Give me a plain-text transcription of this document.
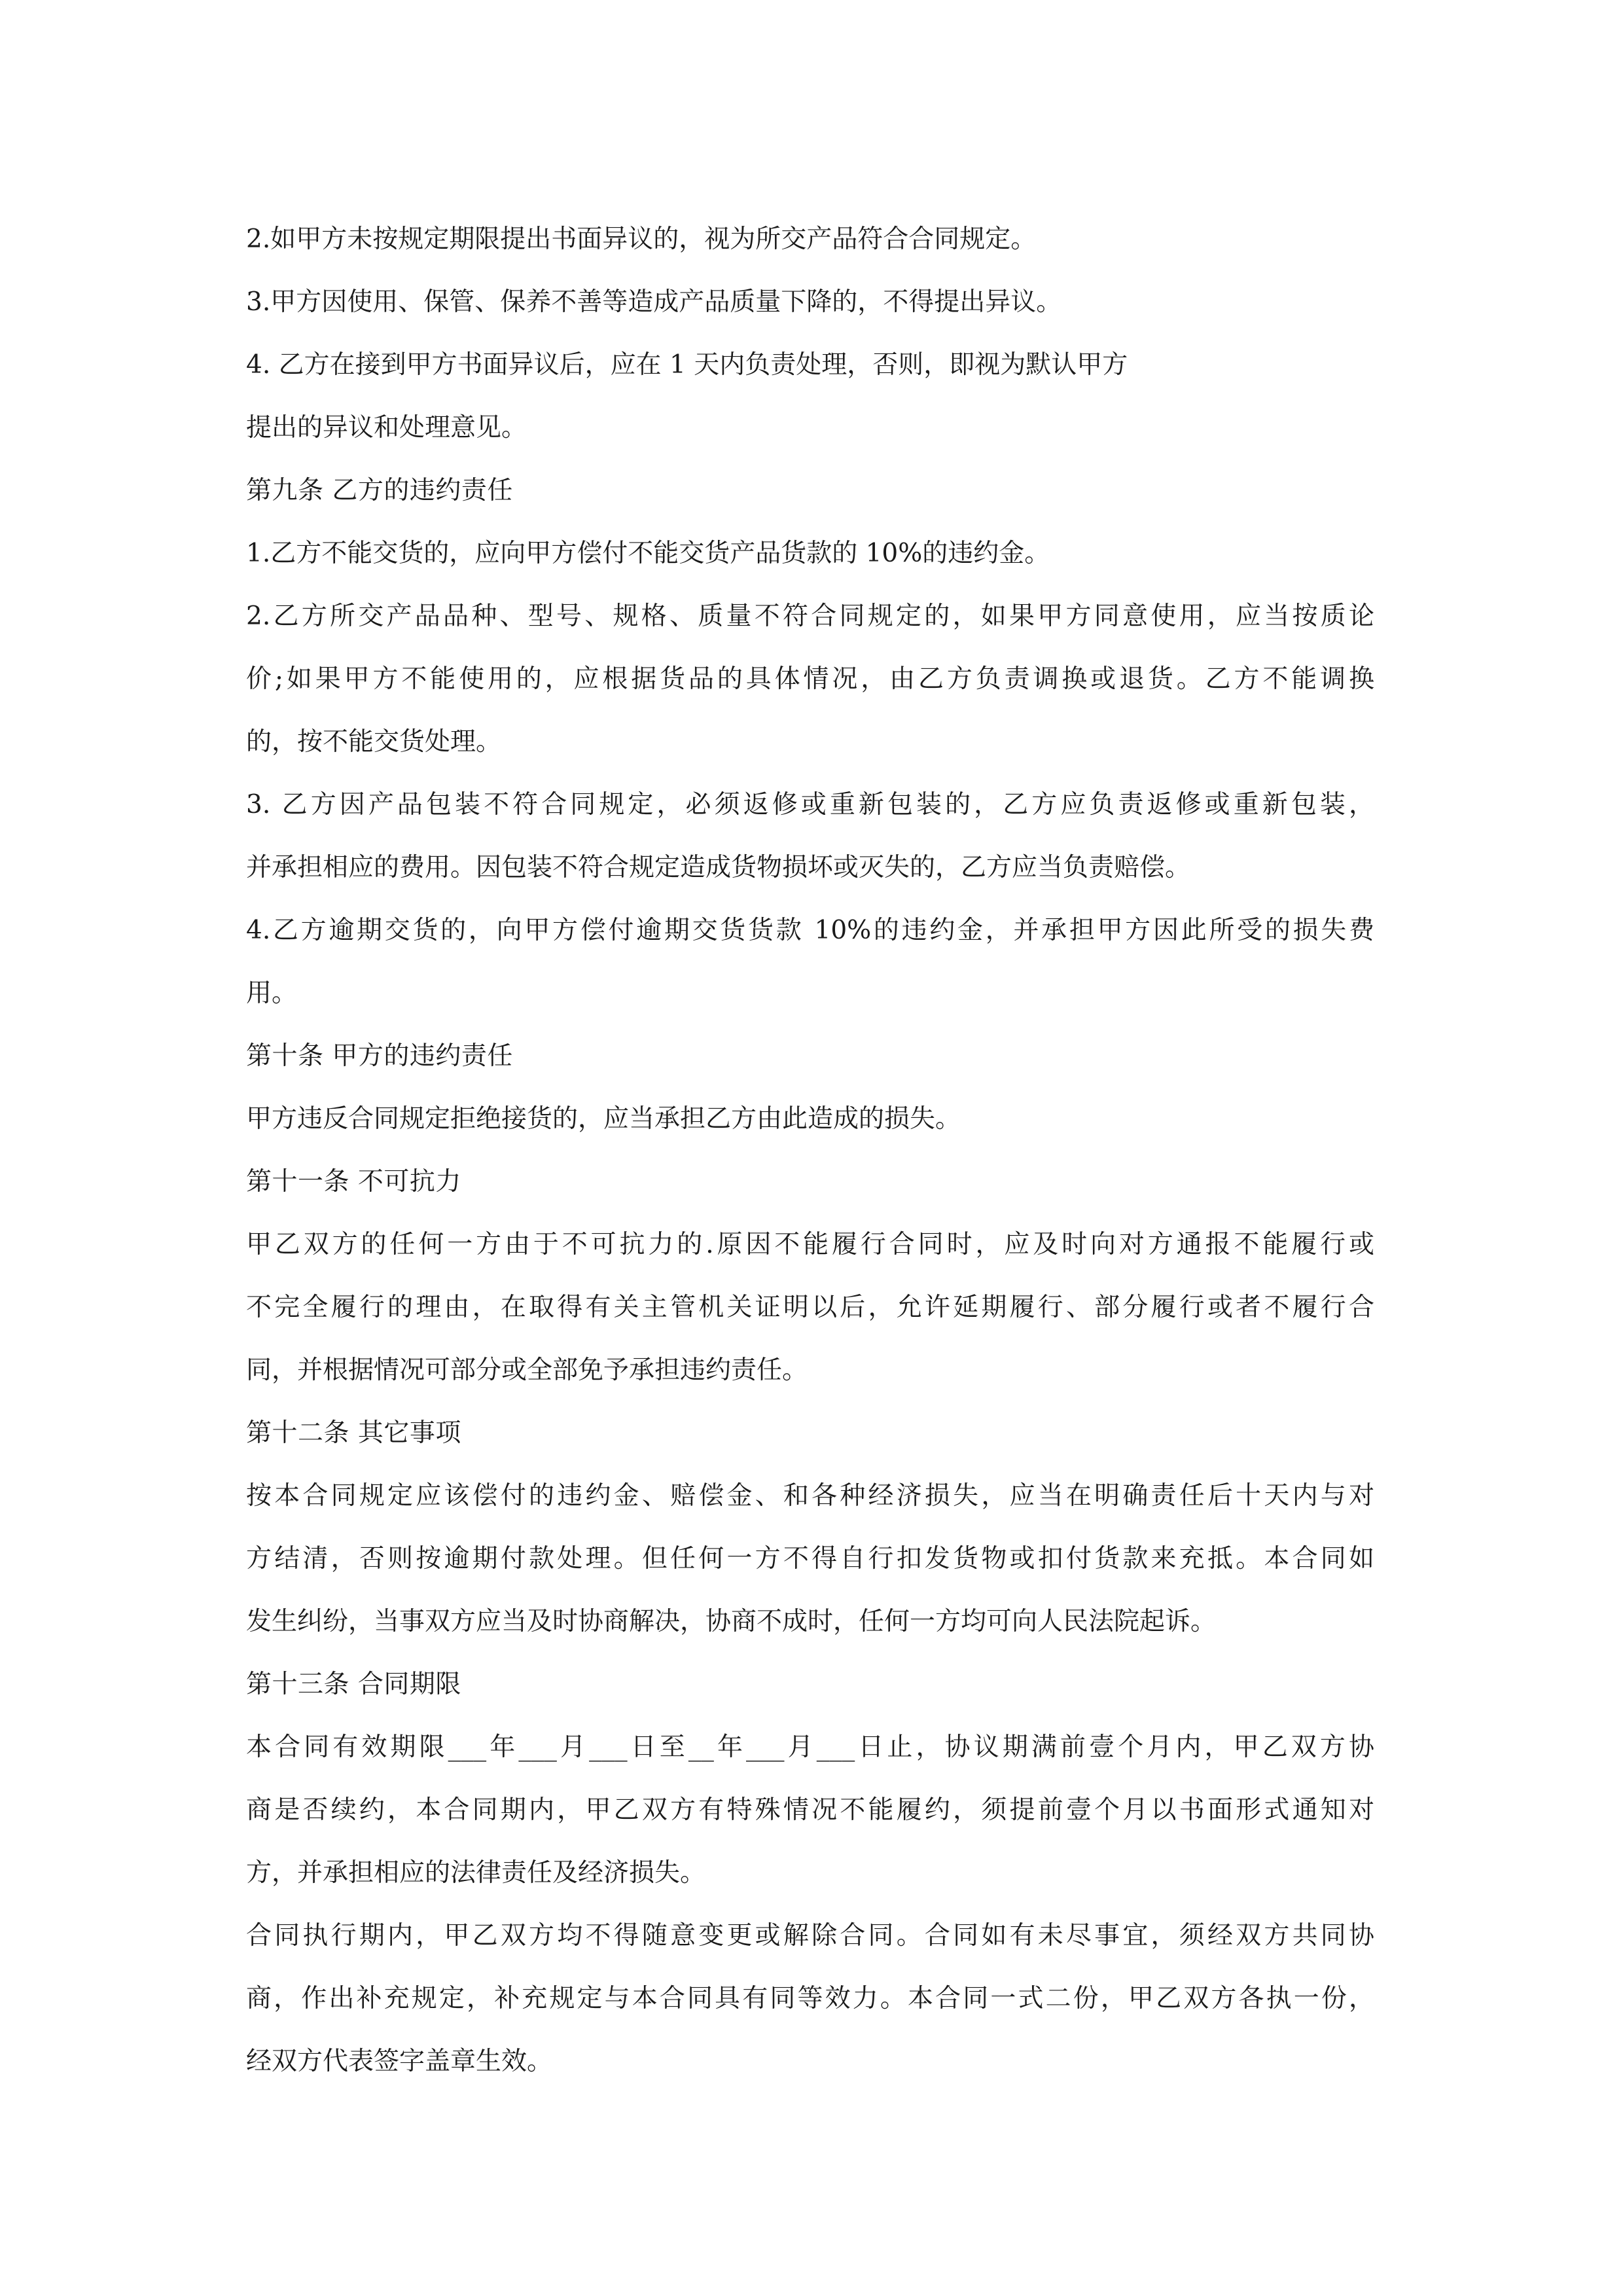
2.如甲方未按规定期限提出书面异议的，视为所交产品符合合同规定。

3.甲方因使用、保管、保养不善等造成产品质量下降的，不得提出异议。

4. 乙方在接到甲方书面异议后，应在 1 天内负责处理，否则，即视为默认甲方

提出的异议和处理意见。

第九条 乙方的违约责任

1.乙方不能交货的，应向甲方偿付不能交货产品货款的 10%的违约金。

2.乙方所交产品品种、型号、规格、质量不符合同规定的，如果甲方同意使用，应当按质论

价;如果甲方不能使用的，应根据货品的具体情况，由乙方负责调换或退货。乙方不能调换

的，按不能交货处理。

3. 乙方因产品包装不符合同规定，必须返修或重新包装的，乙方应负责返修或重新包装，

并承担相应的费用。因包装不符合规定造成货物损坏或灭失的，乙方应当负责赔偿。

4.乙方逾期交货的，向甲方偿付逾期交货货款 10%的违约金，并承担甲方因此所受的损失费

用。

第十条 甲方的违约责任

甲方违反合同规定拒绝接货的，应当承担乙方由此造成的损失。

第十一条 不可抗力

甲乙双方的任何一方由于不可抗力的.原因不能履行合同时，应及时向对方通报不能履行或

不完全履行的理由，在取得有关主管机关证明以后，允许延期履行、部分履行或者不履行合

同，并根据情况可部分或全部免予承担违约责任。

第十二条 其它事项

按本合同规定应该偿付的违约金、赔偿金、和各种经济损失，应当在明确责任后十天内与对

方结清，否则按逾期付款处理。但任何一方不得自行扣发货物或扣付货款来充抵。本合同如

发生纠纷，当事双方应当及时协商解决，协商不成时，任何一方均可向人民法院起诉。

第十三条 合同期限

本合同有效期限___年___月___日至__年___月___日止，协议期满前壹个月内，甲乙双方协

商是否续约，本合同期内，甲乙双方有特殊情况不能履约，须提前壹个月以书面形式通知对

方，并承担相应的法律责任及经济损失。

合同执行期内，甲乙双方均不得随意变更或解除合同。合同如有未尽事宜，须经双方共同协

商，作出补充规定，补充规定与本合同具有同等效力。本合同一式二份，甲乙双方各执一份，

经双方代表签字盖章生效。
